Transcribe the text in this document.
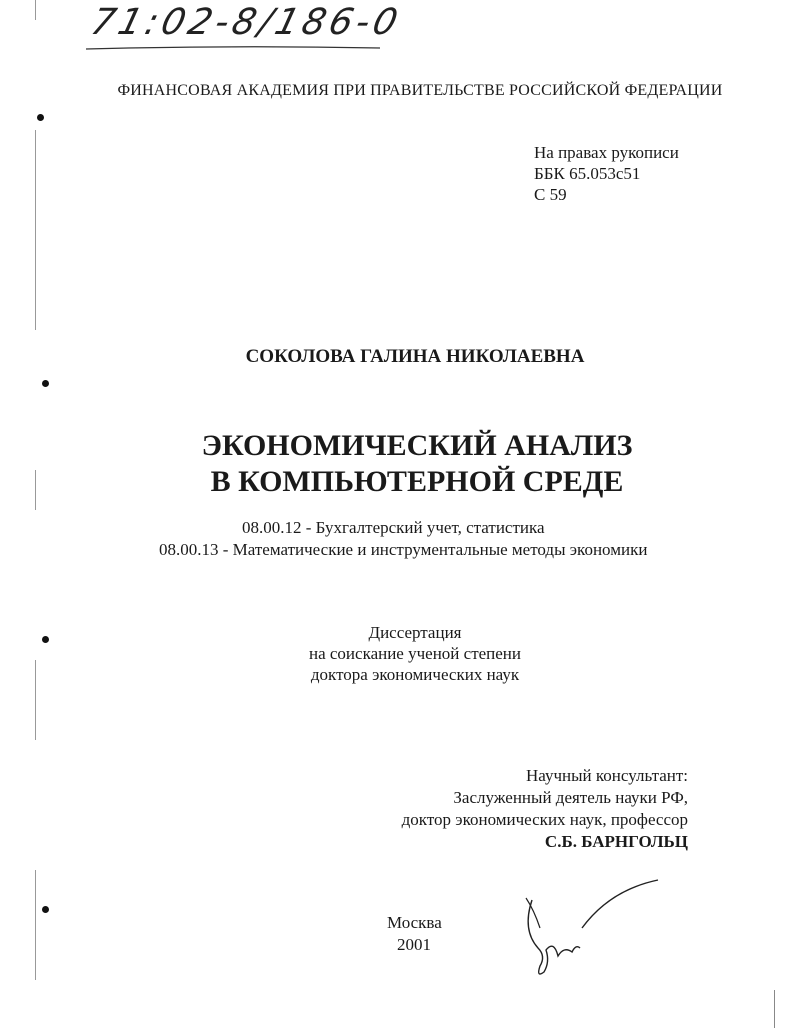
71:02-8/186-0
ФИНАНСОВАЯ АКАДЕМИЯ ПРИ ПРАВИТЕЛЬСТВЕ РОССИЙСКОЙ ФЕДЕРАЦИИ
На правах рукописи
ББК 65.053с51
С 59
СОКОЛОВА ГАЛИНА НИКОЛАЕВНА
ЭКОНОМИЧЕСКИЙ АНАЛИЗ
В КОМПЬЮТЕРНОЙ СРЕДЕ
08.00.12 - Бухгалтерский учет, статистика
08.00.13 - Математические и инструментальные методы экономики
Диссертация
на соискание ученой степени
доктора экономических наук
Научный консультант:
Заслуженный деятель науки РФ,
доктор экономических наук, профессор
С.Б. БАРНГОЛЬЦ
Москва
2001
